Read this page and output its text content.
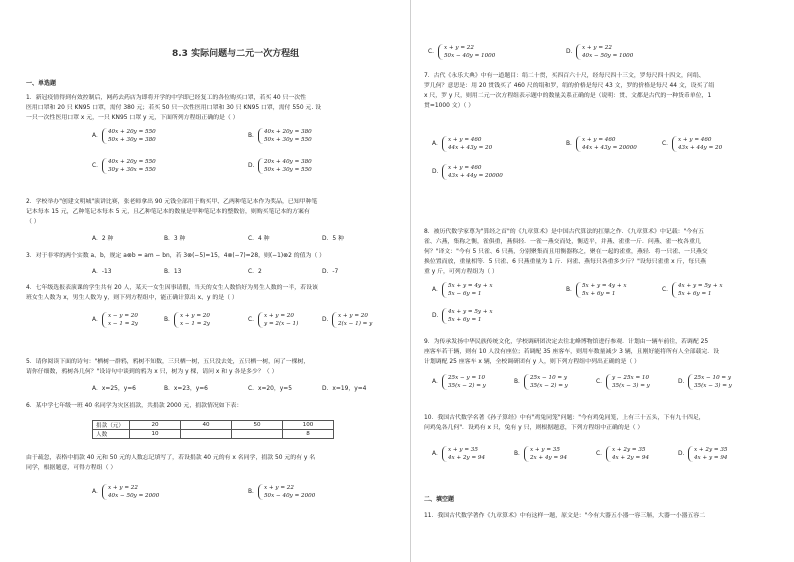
8.3 实际问题与二元一次方程组
一、单选题
1．新冠疫情得到有效控制后，网药去药店为即将开学的中学即已经复工的各位购买口罩，若买 40 只一次性
医用口罩和 20 只 KN95 口罩，需付 380 元；若买 50 只一次性医用口罩和 30 只 KN95 口罩，需付 550 元. 设
一只一次性医用口罩 x 元，一只 KN95 口罩 y 元，下面所列方程组正确的是（ ）
A．
40x + 20y = 550
50x + 30y = 380
B．
40x + 20y = 380
50x + 30y = 550
C．
40x + 20y = 550
30y + 30x = 550
D．
20x + 40y = 380
50x + 30y = 550
2．学校举办"创建文明城"演讲比赛，张老师拿出 90 元钱全部用于购买甲、乙两种笔记本作为奖品，已知甲种笔
记本每本 15 元，乙种笔记本每本 5 元，且乙种笔记本的数量是甲种笔记本的整数倍，则购买笔记本的方案有
（ ）
A．2 种	B．3 种	C．4 种	D．5 种
3．对于非零的两个实数 a、b，规定 a⊗b = am − bn，若 3⊗(−5)=15，4⊗(−7)=28，则(−1)⊗2 的值为（ ）
A．-13	B．13	C．2	D．-7
4．七年级选报表演课的学生共有 20 人，某天一女生因事请假，当天的女生人数恰好为男生人数的一半，若设该
班女生人数为 x，男生人数为 y，则下列方程组中，能正确计算出 x、y 的是（ ）
A．
x − y = 20
x − 1 = 2y
B．
x + y = 20
x − 1 = 2y
C．
x + y = 20
y = 2(x − 1)
D．
x + y = 20
2(x − 1) = y
5．请你阅读下面的诗句："栖树一群鸦，鸦树不知数，三只栖一树，五只没去处，五只栖一树，闲了一棵树，
请你仔细数，鸦树各几何？"设诗句中谈到的鸦为 x 只，树为 y 棵，请问 x 和 y 各是多少？（ ）
A．x=25，y=6	B．x=23，y=6	C．x=20，y=5	D．x=19，y=4
6．某中学七年级一班 40 名同学为灾区捐款，共捐款 2000 元，捐款情况如下表：
捐款（元）	20	40	50	100
人数	10			8
由于疏忽，表格中捐款 40 元和 50 元的人数忘记填写了，若设捐款 40 元的有 x 名同学，捐款 50 元的有 y 名
同学，根据题意，可得方程组（ ）
A．
x + y = 22
40x − 50y = 2000
B．
x + y = 22
50x − 40y = 2000
C．
x + y = 22
50x − 40y = 1000
D．
x + y = 22
40x − 50y = 1000
7．古代《永乐大典》中有一道题目：绢二十贯，买四百六十尺，经每尺四十三文，罗每尺四十四文，问绢、
罗几何？意思是：用 20 贯钱买了 460 尺的绢和罗，绢的价格是每尺 43 文，罗的价格是每尺 44 文，设买了绢
x 尺，罗 y 尺，则用二元一次方程组表示题中的数量关系正确的是（说明：贯、文都是古代的一种货币单位，1
贯=1000 文）（ ）
A．
x + y = 460
44x + 43y = 20
B．
x + y = 460
44x + 43y = 20000
C．
x + y = 460
43x + 44y = 20
D．
x + y = 460
43x + 44y = 20000
8．被历代数学家尊为"算经之首"的《九章算术》是中国古代算法的扛鼎之作．《九章算术》中记载："今有五
雀、六燕，集称之衡，雀俱重，燕俱轻．一雀一燕交而处，衡适平，并燕、雀重一斤．问燕、雀一枚各重几
何？"译文："今有 5 只雀、6 只燕，分别聚集而且用衡器称之，聚在一起的雀重，燕轻．将一只雀、一只燕交
换位置而放，重量相等．5 只雀、6 只燕重量为 1 斤．问雀、燕每只各重多少斤？"设每只雀重 x 斤，每只燕
重 y 斤，可列方程组为（ ）
A．
5x + y = 4y + x
5x − 6y = 1
B．
5x + y = 4y + x
5x + 6y = 1
C．
4x + y = 5y + x
5x + 6y = 1
D．
4x + y = 5y + x
5x + 6y = 1
9．为传承发扬中华民族传统文化，学校调研团决定去往北峰博物馆进行参观．计划由一辆车前往，若调配 25
座客车若干辆，则有 10 人没有座位；若调配 35 座客车，则用车数量减少 3 辆，且刚好能将所有人全部载完．设
计划调配 25 座客车 x 辆，全校调研团有 y 人，则下列方程组中列出正确的是（ ）
A．
25x − y = 10
35(x − 2) = y
B．
25x − 10 = y
35(x − 2) = y
C．
y − 25x = 10
35(x − 3) = y
D．
25x − 10 = y
35(x − 3) = y
10．我国古代数学名著《孙子算经》中有"鸡兔同笼"问题："今有鸡兔同笼，上有三十五头，下有九十四足，
问鸡兔各几何"．设鸡有 x 只，兔有 y 只，则根据题意，下列方程组中正确的是（ ）
A．
x + y = 35
4x + 2y = 94
B．
x + y = 35
2x + 4y = 94
C．
x + 2y = 35
4x + 2y = 94
D．
x + 2y = 35
4x + y = 94
二、填空题
11．我国古代数学著作《九章算术》中有这样一题，原文是："今有大器五小器一容三斛，大器一小器五容二
